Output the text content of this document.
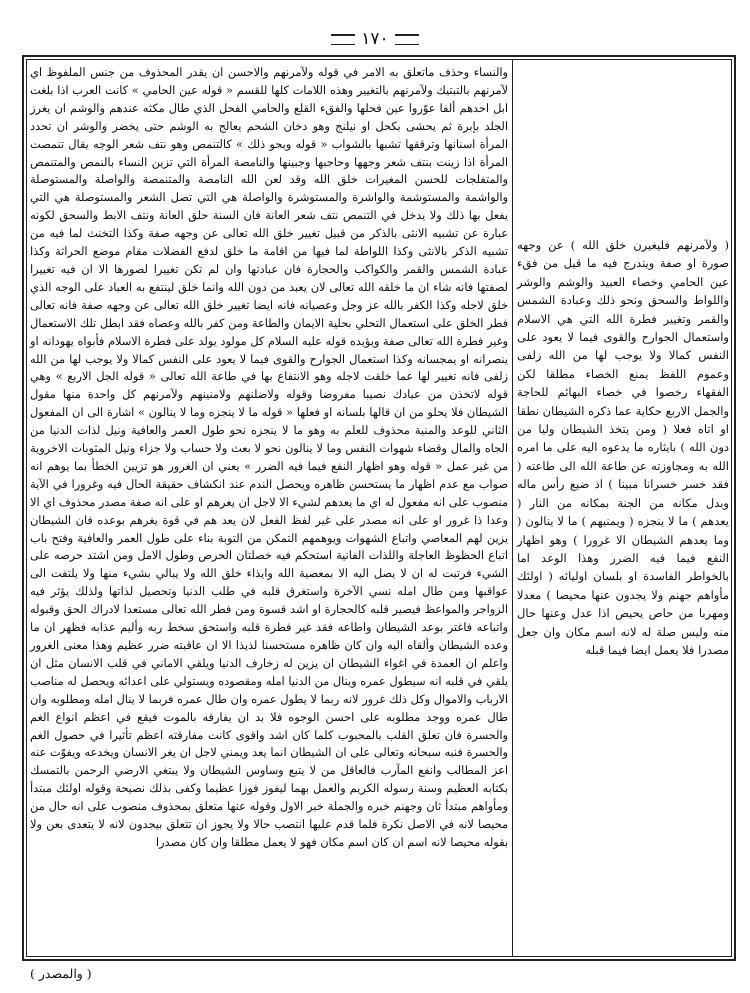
١٧٠

والنساء وحذف ماتعلق به الامر في قوله ولآمرنهم والاحسن ان يقدر المحذوف من جنس الملفوظ اي لآمرنهم بالتبتيك ولآمرنهم بالتغيير وهذه اللامات كلها للقسم « قوله عين الحامي » كانت العرب اذا بلغت ابل احدهم ألفا عوّروا عين فحلها والفقء القلع والحامي الفحل الذي طال مكثه عندهم والوشم ان يغرز الجلد بإبرة ثم يحشى بكحل او نيلنج وهو دخان الشحم يعالج به الوشم حتى يخضر والوشر ان تحدد المرأة اسنانها وترققها تشبها بالشواب « قوله وبحو ذلك » كالتنمص وهو نتف شعر الوجه يقال تنمصت المرأة اذا زينت بنتف شعر وجهها وحاجبها وجبينها والنامصة المرأة التي تزين النساء بالنمص والمتنمص والمتفلجات للحسن المغيرات خلق الله وقد لعن الله النامصة والمتنمصة والواصلة والمستوصلة والواشمة والمستوشمة والواشرة والمستوشرة والواصلة هي التي تصل الشعر والمستوصلة هي التي يفعل بها ذلك ولا يدخل في التنمص نتف شعر العانة فان السنة حلق العانة ونتف الابط والسحق لكونه عبارة عن تشبيه الانثى بالذكر من قبيل تغيير خلق الله تعالى عن وجهه صفة وكذا التخنث لما فيه من تشبيه الذكر بالانثى وكذا اللواطة لما فيها من اقامة ما خلق لدفع الفضلات مقام موضع الحراثة وكذا عبادة الشمس والقمر والكواكب والحجارة فان عبادتها وان لم تكن تغييرا لصورها الا ان فيه تغييرا لصفتها فانه شاء ان ما خلقه الله تعالى لان يعبد من دون الله وانما خلق لينتفع به العباد على الوجه الذي خلق لاجله وكذا الكفر بالله عز وجل وعصيانه فانه ايضا تغيير خلق الله تعالى عن وجهه صفة فانه تعالى فطر الخلق على استعمال التحلي بحلية الايمان والطاعة ومن كفر بالله وعصاه فقد ابطل تلك الاستعمال وغير فطرة الله تعالى صفة ويؤيده قوله عليه السلام كل مولود يولد على فطرة الاسلام فأبواه يهودانه او ينصرانه او يمجسانه وكذا استعمال الجوارح والقوى فيما لا يعود على النفس كمالا ولا يوجب لها من الله زلفى فانه تغيير لها عما خلقت لاجله وهو الانتفاع بها في طاعة الله تعالى « قوله الجل الاربع » وهي قوله لاتخذن من عبادك نصيبا مفروضا وقوله ولاضلنهم ولامنينهم ولآمرنهم كل واحدة منها مقول الشيطان فلا يحلو من ان قالها بلسانه او فعلها « قوله ما لا ينجزه وما لا ينالون » اشارة الى ان المفعول الثاني للوعد والمنية محذوف للعلم به وهو ما لا ينجزه نحو طول العمر والعافية ونيل لذات الدنيا من الجاه والمال وقضاء شهوات النفس وما لا ينالون نحو لا بعث ولا حساب ولا جزاء ونيل المثوبات الاخروية من غير عمل « قوله وهو اظهار النفع فيما فيه الضرر » يعني ان الغرور هو تزيين الخطأ بما يوهم انه صواب مع عدم اظهار ما يستحسن ظاهره ويحصل الندم عند انكشاف حقيقة الحال فيه وغرورا في الآية منصوب على انه مفعول له اي ما يعدهم لشيء الا لاجل ان يغرهم او على انه صفة مصدر محذوف اي الا وعدا ذا غرور او على انه مصدر على غير لفظ الفعل لان يعد هم في قوة يغرهم بوعده فان الشيطان يزين لهم المعاصي واتباع الشهوات ويوهمهم التمكن من التوبة بناء على طول العمر والعافية وفتح باب اتباع الحظوظ العاجلة واللذات الفانية استحكم فيه خصلتان الحرص وطول الامل ومن اشتد حرصه على الشيء فرتبت له ان لا يصل اليه الا بمعصية الله وايذاء خلق الله ولا يبالي بشيء منها ولا يلتفت الى عواقبها ومن طال امله نسي الآخرة واستغرق قلبه في طلب الدنيا وتحصيل لذاتها ولذلك يؤثر فيه الزواجر والمواعظ فيصير قلبه كالحجارة او اشد قسوة ومن فطر الله تعالى مستعدا لادراك الحق وقبوله واتباعه فاغتر بوعد الشيطان واطاعه فقد غير فطرة قلبه واستحق سخط ربه وأليم عذابه فظهر ان ما وعده الشيطان وألقاه اليه وان كان ظاهره مستحسنا لذيذا الا ان عاقبته ضرر عظيم وهذا معنى الغرور واعلم ان العمدة في اغواء الشيطان ان يزين له زخارف الدنيا ويلقي الاماني في قلب الانسان مثل ان يلقي في قلبه انه سيطول عمره وينال من الدنيا امله ومقصوده ويستولي على اعدائه ويحصل له مناصب الارباب والاموال وكل ذلك غرور لانه ربما لا يطول عمره وان طال عمره فربما لا ينال امله ومطلوبه وان طال عمره ووجد مطلوبه على احسن الوجوه فلا بد ان يفارقه بالموت فيقع في اعظم انواع الغم والحسرة فان تعلق القلب بالمحبوب كلما كان اشد واقوى كانت مفارقته اعظم تأثيرا في حصول الغم والحسرة فنبه سبحانه وتعالى على ان الشيطان انما يعد ويمني لاجل ان يغر الانسان ويخدعه ويفوّت عنه اعز المطالب وانفع المآرب فالعاقل من لا يتبع وساوس الشيطان ولا يبتغي الارضي الرحمن بالتمسك بكتابه العظيم وسنة رسوله الكريم والعمل بهما ليفوز فوزا عظيما وكفى بذلك نصيحة وقوله اولئك مبتدأ ومأواهم مبتدأ ثان وجهنم خبره والجملة خبر الاول وقوله عنها متعلق بمحذوف منصوب على انه حال من محيصا لانه في الاصل نكرة فلما قدم عليها انتصب حالا ولا يجوز ان تتعلق بيجدون لانه لا يتعدى بعن ولا بقوله محيصا لانه اسم ان كان اسم مكان فهو لا يعمل مطلقا وان كان مصدرا

( ولآمرنهم فليغيرن خلق الله ) عن وجهه صورة او صفة ويندرج فيه ما قيل من فقء عين الحامي وخصاء العبيد والوشم والوشر واللواط والسحق ونحو ذلك وعبادة الشمس والقمر وتغيير فطرة الله التي هي الاسلام واستعمال الجوارح والقوى فيما لا يعود على النفس كمالا ولا يوجب لها من الله زلفى وعموم اللفظ يمنع الخصاء مطلقا لكن الفقهاء رخصوا في خصاء البهائم للحاجة والجمل الاربع حكاية عما ذكره الشيطان نطقا او اتاه فعلا ( ومن يتخذ الشيطان وليا من دون الله ) بايثاره ما يدعوه اليه على ما امره الله به ومجاوزته عن طاعة الله الى طاعته ( فقد خسر خسرانا مبينا ) اذ ضيع رأس ماله وبدل مكانه من الجنة بمكانه من النار ( يعدهم ) ما لا ينجزه ( ويمنيهم ) ما لا ينالون ( وما يعدهم الشيطان الا غرورا ) وهو اظهار النفع فيما فيه الضرر وهذا الوعد اما بالخواطر الفاسدة او بلسان اوليائه ( اولئك مأواهم جهنم ولا يجدون عنها محيصا ) معدلا ومهربا من حاص يحيص اذا عدل وعنها حال منه وليس صلة له لانه اسم مكان وان جعل مصدرا فلا يعمل ايضا فيما قبله

( والمصدر )
